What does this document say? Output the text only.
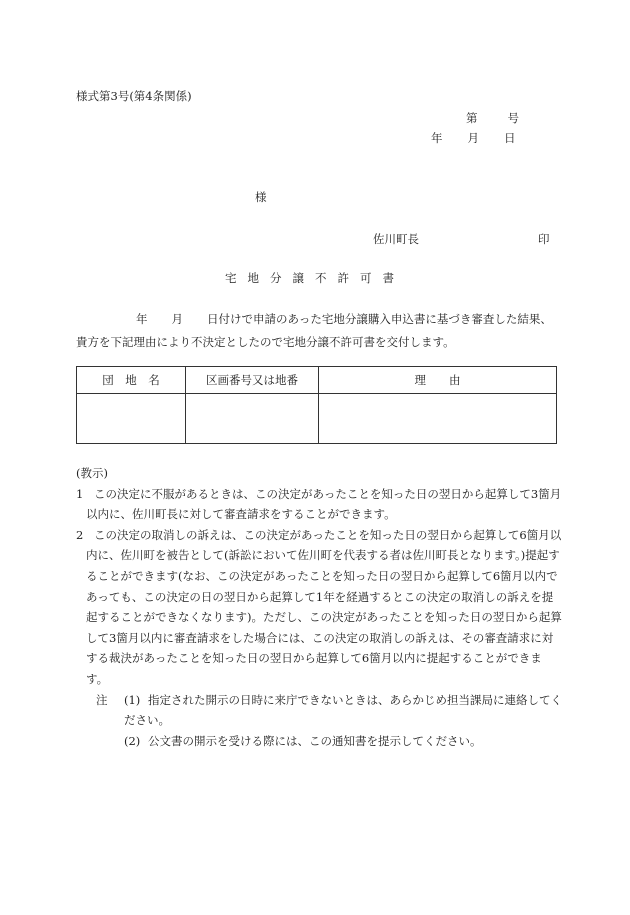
様式第3号(第4条関係)
第	号
年 月 日
様
佐川町長	印
宅地分譲不許可書
年 月 日付けで申請のあった宅地分譲購入申込書に基づき審査した結果、貴方を下記理由により不決定としたので宅地分譲不許可書を交付します。
団　地　名	区画番号又は地番	理　　由

(教示)
1 この決定に不服があるときは、この決定があったことを知った日の翌日から起算して3箇月以内に、佐川町長に対して審査請求をすることができます。
2 この決定の取消しの訴えは、この決定があったことを知った日の翌日から起算して6箇月以内に、佐川町を被告として(訴訟において佐川町を代表する者は佐川町長となります。)提起することができます(なお、この決定があったことを知った日の翌日から起算して6箇月以内であっても、この決定の日の翌日から起算して1年を経過するとこの決定の取消しの訴えを提起することができなくなります)。ただし、この決定があったことを知った日の翌日から起算して3箇月以内に審査請求をした場合には、この決定の取消しの訴えは、その審査請求に対する裁決があったことを知った日の翌日から起算して6箇月以内に提起することができます。
注 (1) 指定された開示の日時に来庁できないときは、あらかじめ担当課局に連絡してください。
(2) 公文書の開示を受ける際には、この通知書を提示してください。
